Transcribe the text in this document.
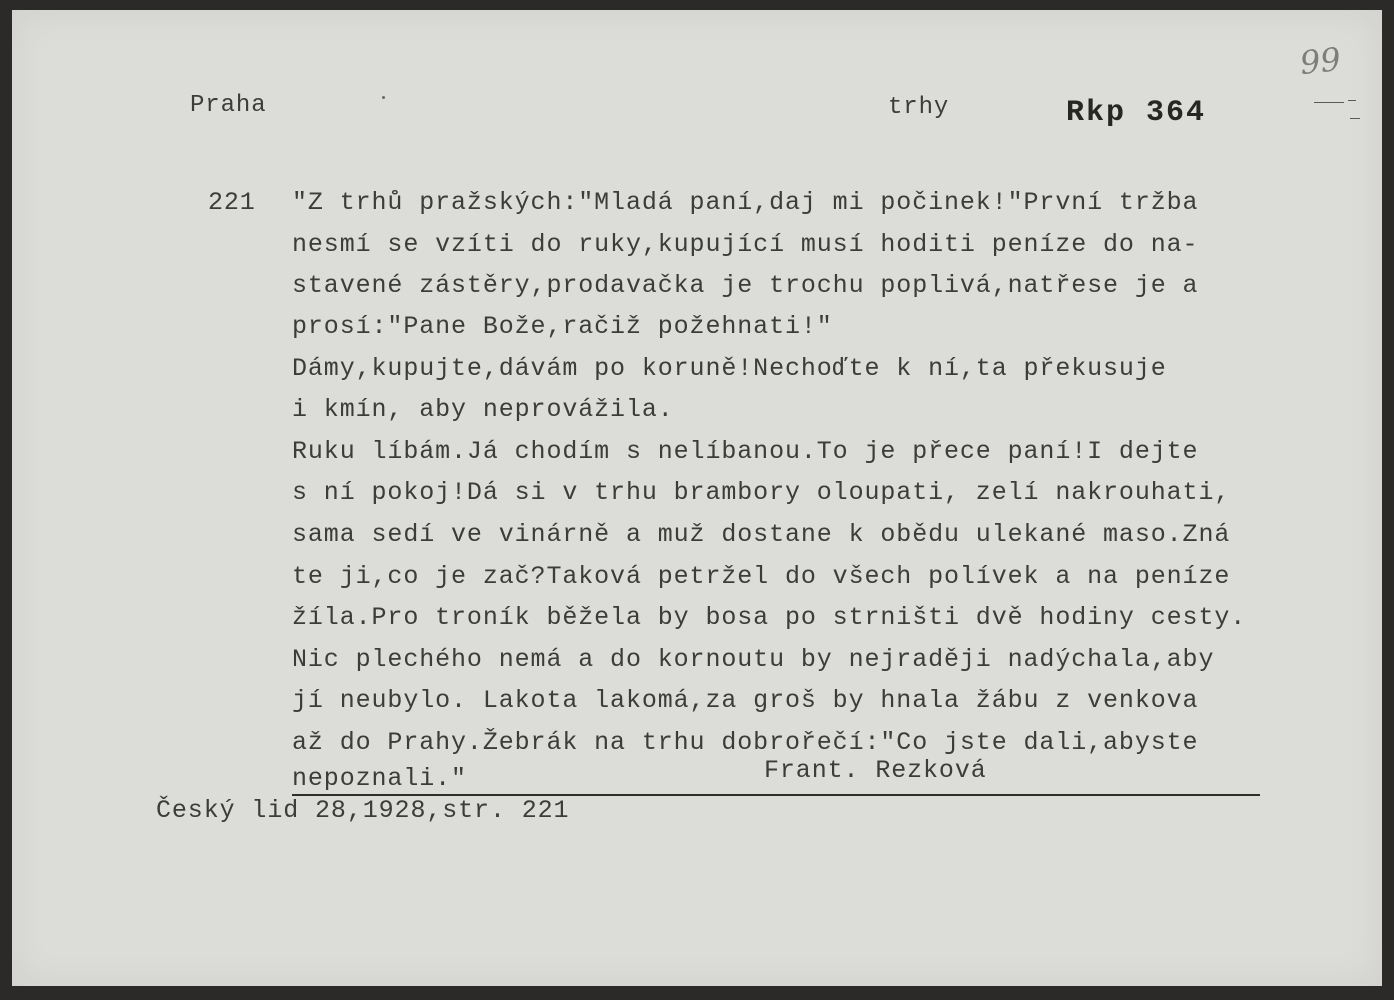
99
Praha	trhy	Rkp 364
221 "Z trhů pražských:"Mladá paní,daj mi počinek!"První tržba
nesmí se vzíti do ruky,kupující musí hoditi peníze do na-
stavené zástěry,prodavačka je trochu poplivá,natřese je a
prosí:"Pane Bože,račiž požehnati!"
Dámy,kupujte,dávám po koruně!Nechoďte k ní,ta překusuje
i kmín, aby neprovážila.
Ruku líbám.Já chodím s nelíbanou.To je přece paní!I dejte
s ní pokoj!Dá si v trhu brambory oloupati, zelí nakrouhati,
sama sedí ve vinárně a muž dostane k obědu ulekané maso.Zná
te ji,co je zač?Taková petržel do všech polívek a na peníze
žíla.Pro troník běžela by bosa po strništi dvě hodiny cesty.
Nic plechého nemá a do kornoutu by nejraději nadýchala,aby
jí neubylo. Lakota lakomá,za groš by hnala žábu z venkova
až do Prahy.Žebrák na trhu dobrořečí:"Co jste dali,abyste
nepoznali."	Frant. Rezková
Český lid 28,1928,str. 221
